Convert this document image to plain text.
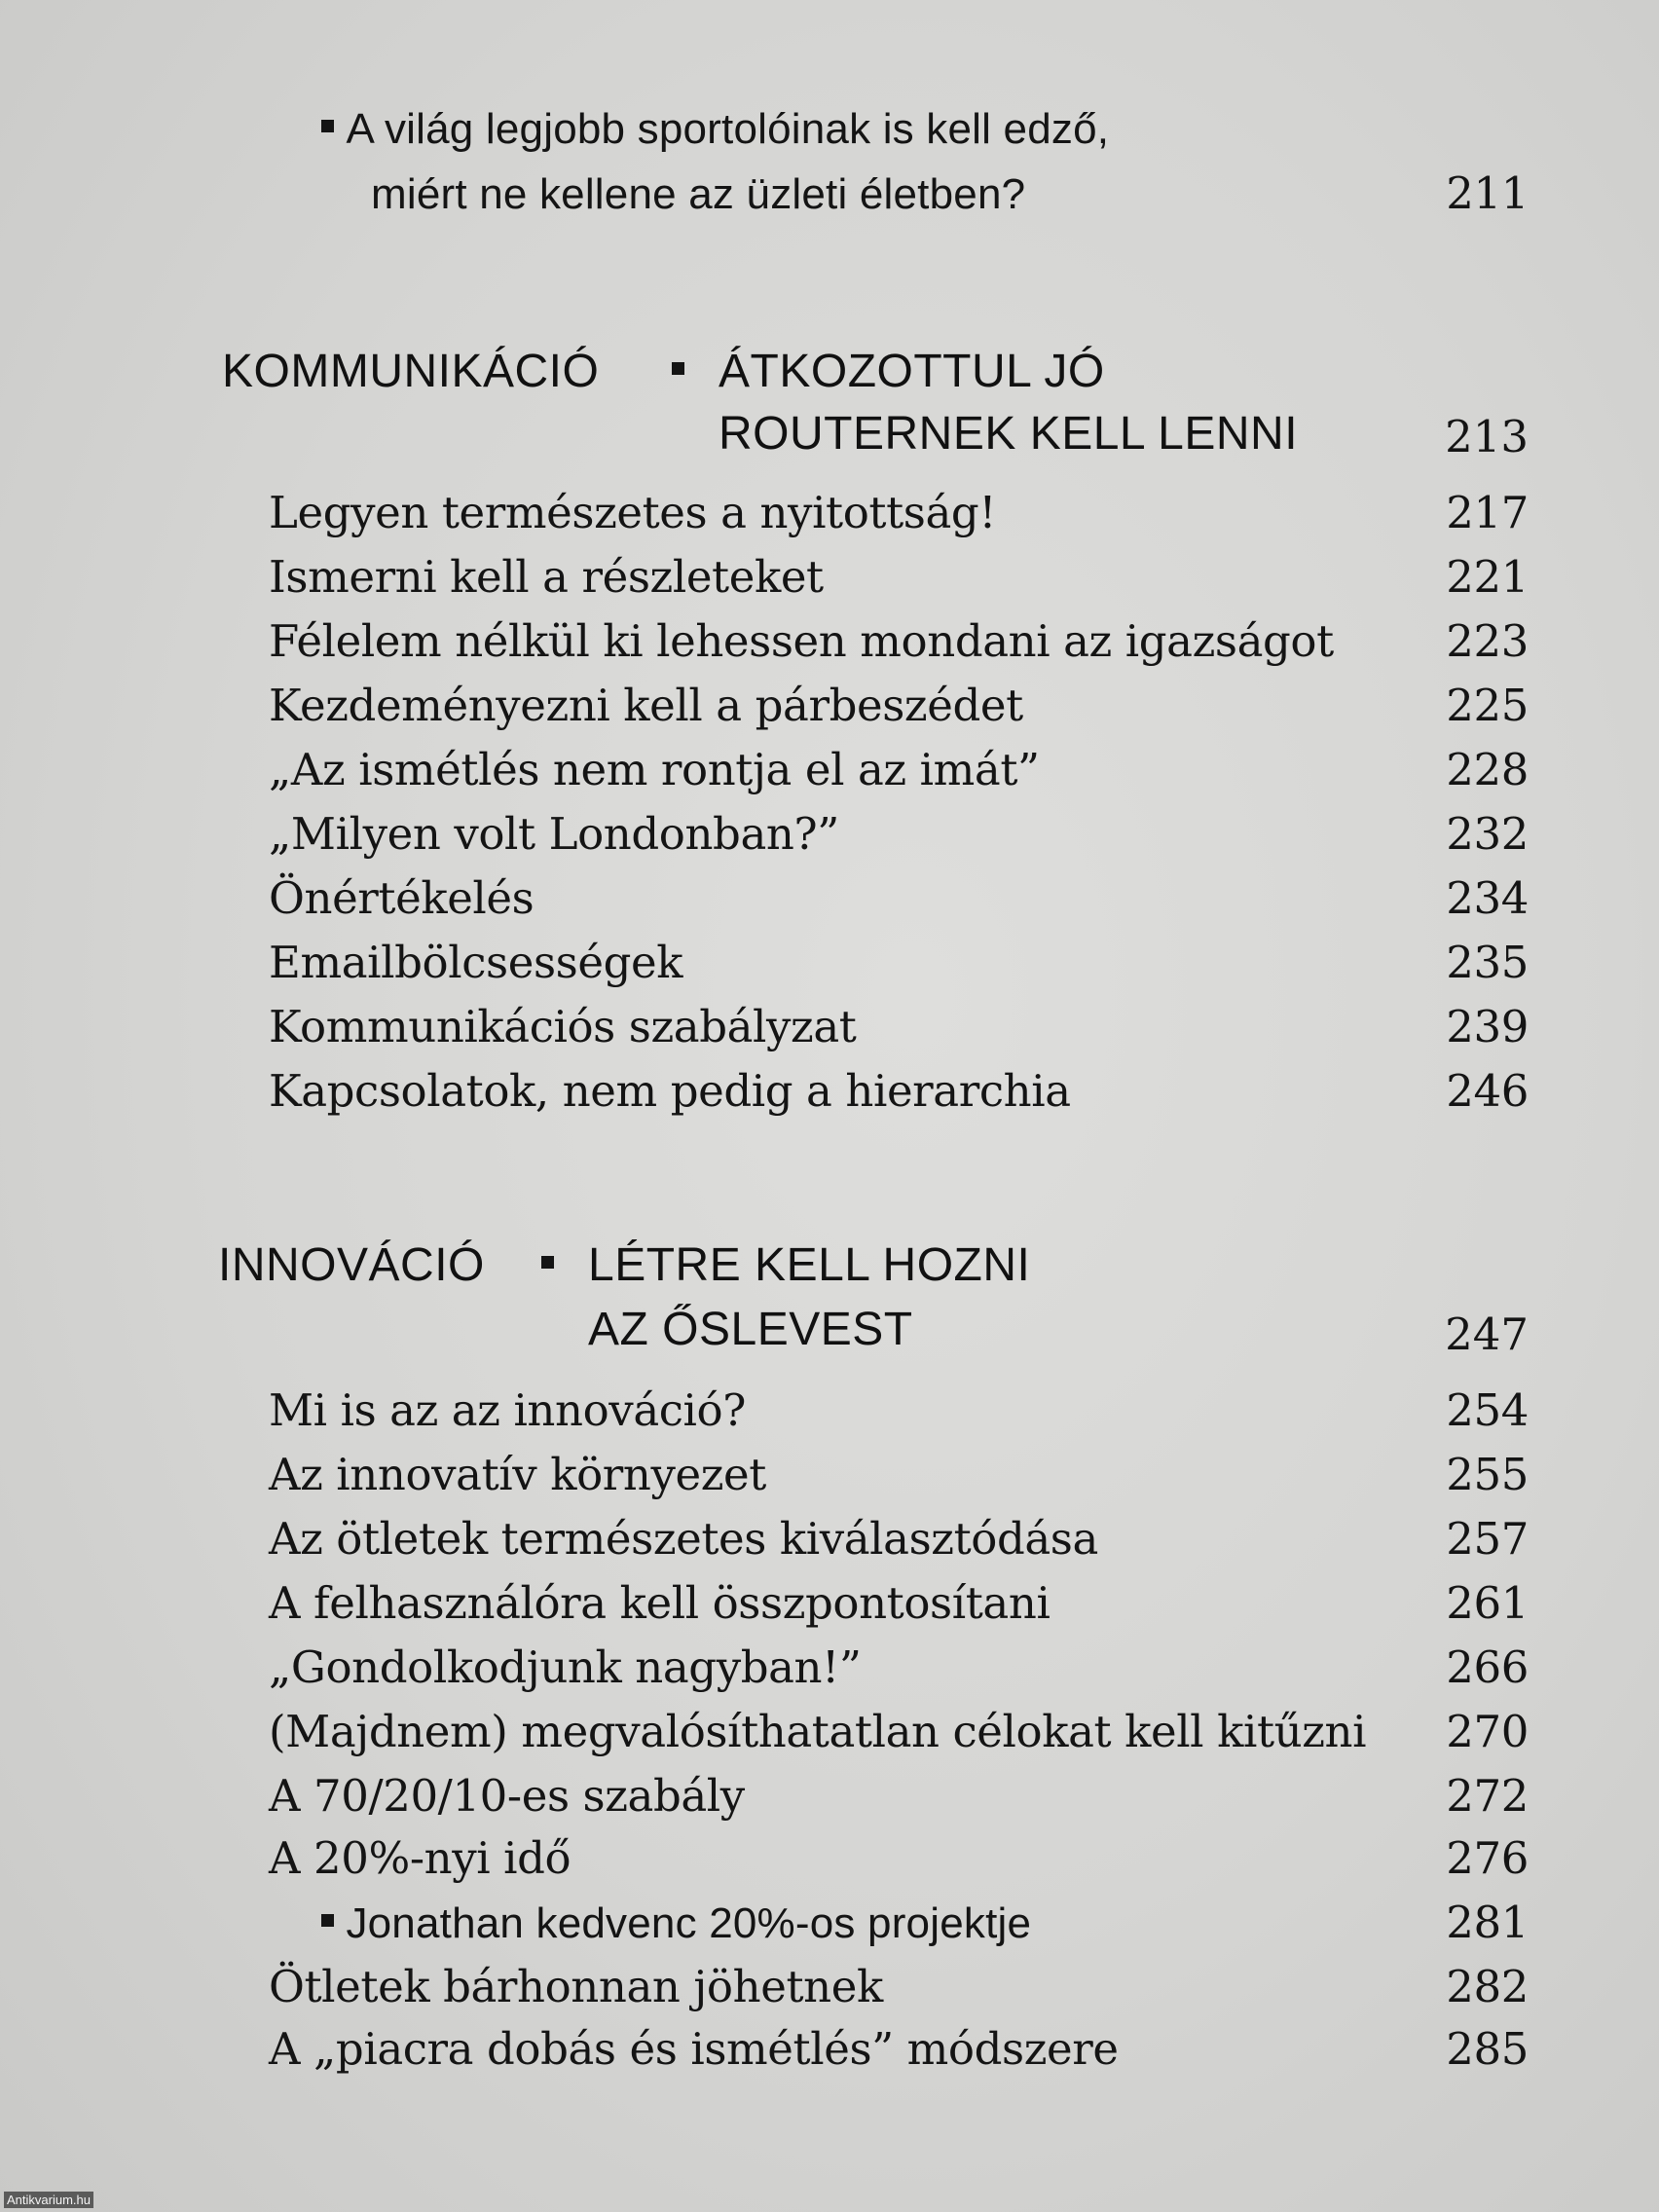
A világ legjobb sportolóinak is kell edző,
miért ne kellene az üzleti életben?	211
KOMMUNIKÁCIÓ	ÁTKOZOTTUL JÓ
ROUTERNEK KELL LENNI	213
Legyen természetes a nyitottság!	217
Ismerni kell a részleteket	221
Félelem nélkül ki lehessen mondani az igazságot	223
Kezdeményezni kell a párbeszédet	225
„Az ismétlés nem rontja el az imát”	228
„Milyen volt Londonban?”	232
Önértékelés	234
Emailbölcsességek	235
Kommunikációs szabályzat	239
Kapcsolatok, nem pedig a hierarchia	246
INNOVÁCIÓ LÉTRE KELL HOZNI
AZ ŐSLEVEST	247
Mi is az az innováció?	254
Az innovatív környezet	255
Az ötletek természetes kiválasztódása	257
A felhasználóra kell összpontosítani	261
„Gondolkodjunk nagyban!”	266
(Majdnem) megvalósíthatatlan célokat kell kitűzni 270
A 70/20/10-es szabály	272
A 20%-nyi idő	276
Jonathan kedvenc 20%-os projektje	281
Ötletek bárhonnan jöhetnek	282
A „piacra dobás és ismétlés” módszere	285
Antikvarium.hu
